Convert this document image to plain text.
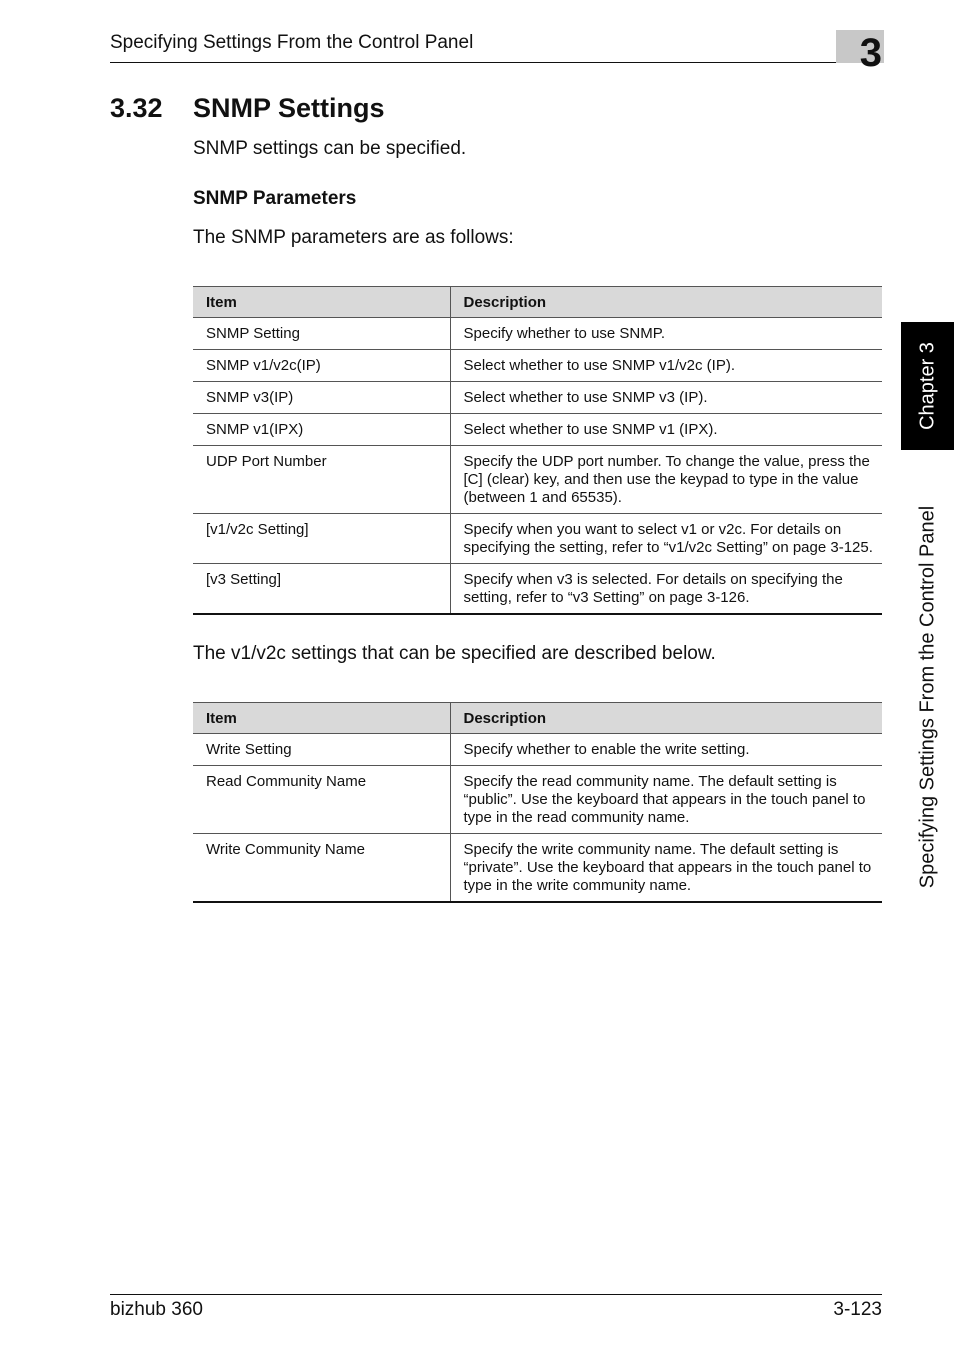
Specifying Settings From the Control Panel	3
3.32 SNMP Settings
SNMP settings can be specified.
SNMP Parameters
The SNMP parameters are as follows:
Item	Description
SNMP Setting	Specify whether to use SNMP.
SNMP v1/v2c(IP)	Select whether to use SNMP v1/v2c (IP).
SNMP v3(IP)	Select whether to use SNMP v3 (IP).
SNMP v1(IPX)	Select whether to use SNMP v1 (IPX).
UDP Port Number	Specify the UDP port number. To change the value, press the [C] (clear) key, and then use the keypad to type in the value (between 1 and 65535).
[v1/v2c Setting]	Specify when you want to select v1 or v2c. For details on specifying the setting, refer to “v1/v2c Setting” on page 3-125.
[v3 Setting]	Specify when v3 is selected. For details on specifying the setting, refer to “v3 Setting” on page 3-126.
The v1/v2c settings that can be specified are described below.
Item	Description
Write Setting	Specify whether to enable the write setting.
Read Community Name	Specify the read community name. The default setting is “public”. Use the keyboard that appears in the touch panel to type in the read community name.
Write Community Name	Specify the write community name. The default setting is “private”. Use the keyboard that appears in the touch panel to type in the write community name.
Chapter 3
Specifying Settings From the Control Panel
bizhub 360	3-123
